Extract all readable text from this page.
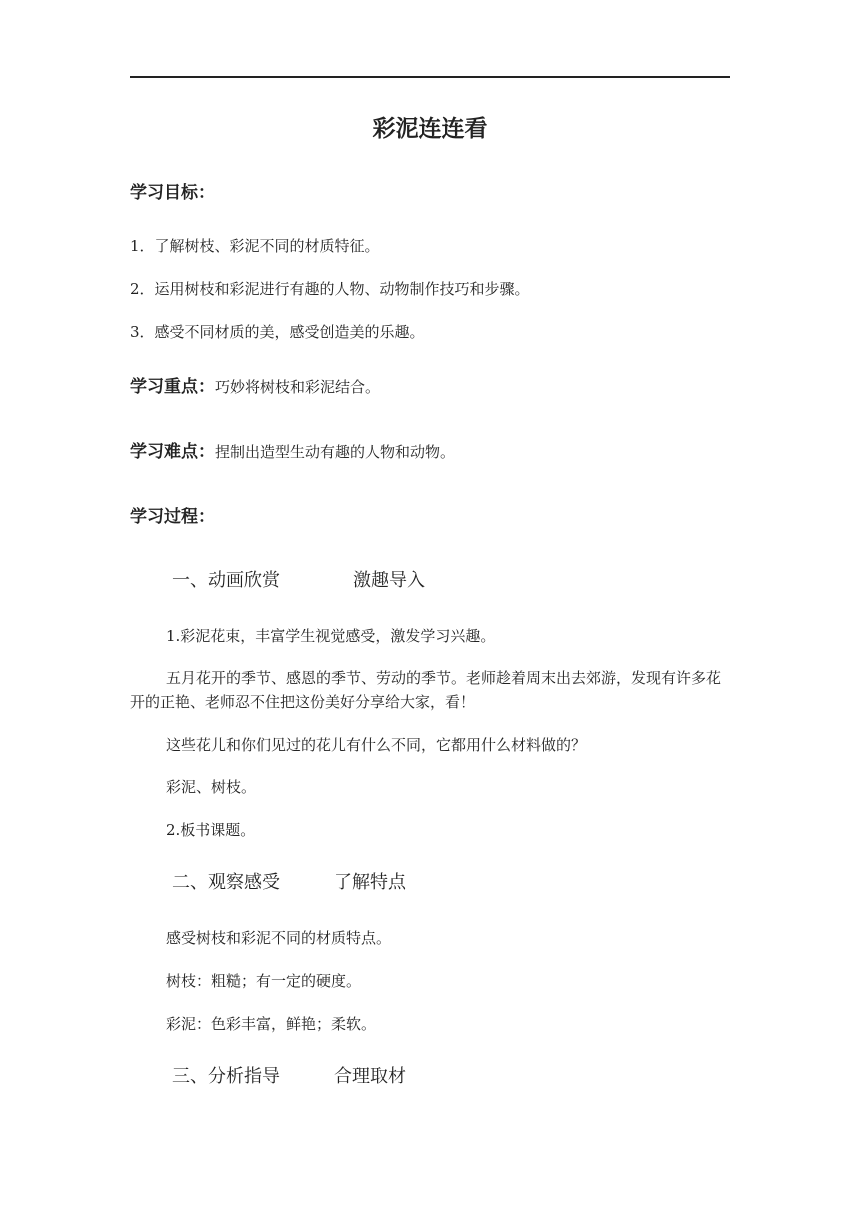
彩泥连连看
学习目标：
1．了解树枝、彩泥不同的材质特征。
2．运用树枝和彩泥进行有趣的人物、动物制作技巧和步骤。
3．感受不同材质的美，感受创造美的乐趣。
学习重点：巧妙将树枝和彩泥结合。
学习难点：捏制出造型生动有趣的人物和动物。
学习过程：
一、动画欣赏	激趣导入
1.彩泥花束，丰富学生视觉感受，激发学习兴趣。
五月花开的季节、感恩的季节、劳动的季节。老师趁着周末出去郊游，发现有许多花开的正艳、老师忍不住把这份美好分享给大家，看！
这些花儿和你们见过的花儿有什么不同，它都用什么材料做的？
彩泥、树枝。
2.板书课题。
二、观察感受	了解特点
感受树枝和彩泥不同的材质特点。
树枝：粗糙；有一定的硬度。
彩泥：色彩丰富，鲜艳；柔软。
三、分析指导	合理取材
